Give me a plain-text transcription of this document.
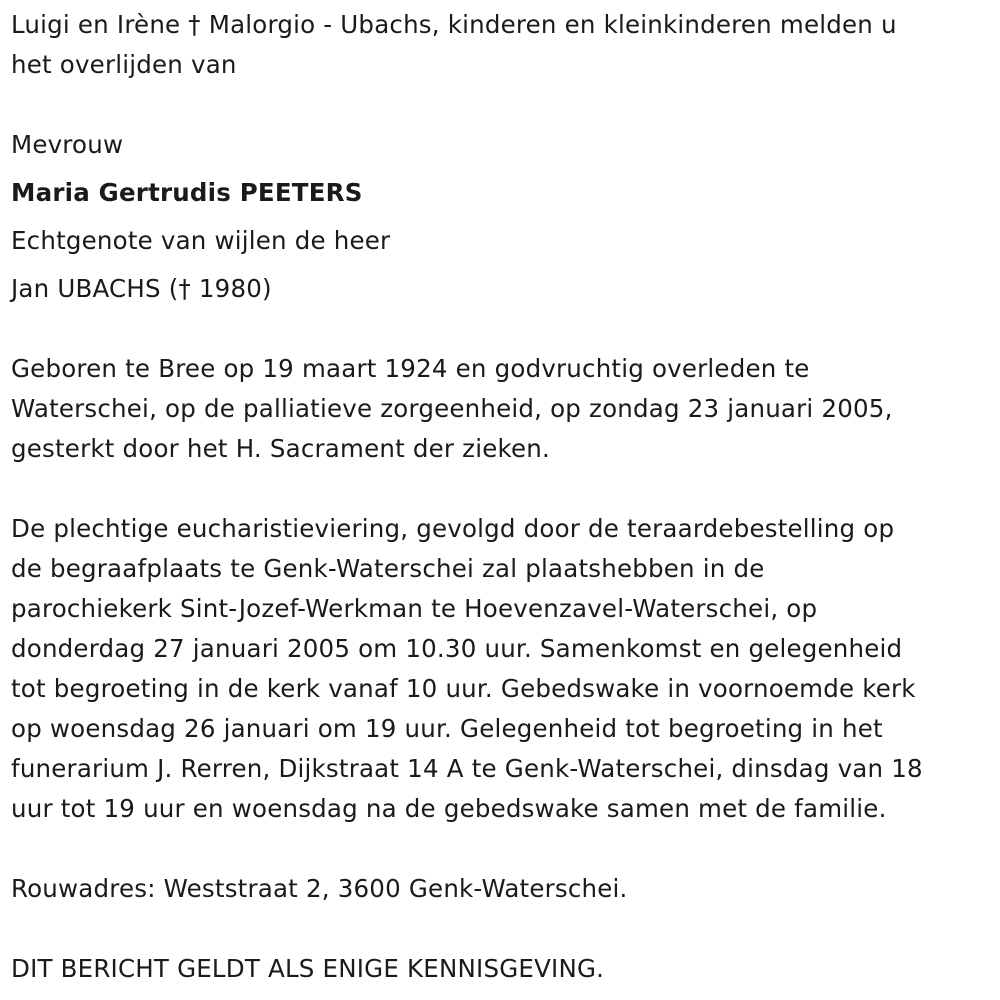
Luigi en Irène † Malorgio - Ubachs, kinderen en kleinkinderen melden u
het overlijden van
Mevrouw
Maria Gertrudis PEETERS
Echtgenote van wijlen de heer
Jan UBACHS († 1980)
Geboren te Bree op 19 maart 1924 en godvruchtig overleden te
Waterschei, op de palliatieve zorgeenheid, op zondag 23 januari 2005,
gesterkt door het H. Sacrament der zieken.
De plechtige eucharistieviering, gevolgd door de teraardebestelling op
de begraafplaats te Genk-Waterschei zal plaatshebben in de
parochiekerk Sint-Jozef-Werkman te Hoevenzavel-Waterschei, op
donderdag 27 januari 2005 om 10.30 uur. Samenkomst en gelegenheid
tot begroeting in de kerk vanaf 10 uur. Gebedswake in voornoemde kerk
op woensdag 26 januari om 19 uur. Gelegenheid tot begroeting in het
funerarium J. Rerren, Dijkstraat 14 A te Genk-Waterschei, dinsdag van 18
uur tot 19 uur en woensdag na de gebedswake samen met de familie.
Rouwadres: Weststraat 2, 3600 Genk-Waterschei.
DIT BERICHT GELDT ALS ENIGE KENNISGEVING.
